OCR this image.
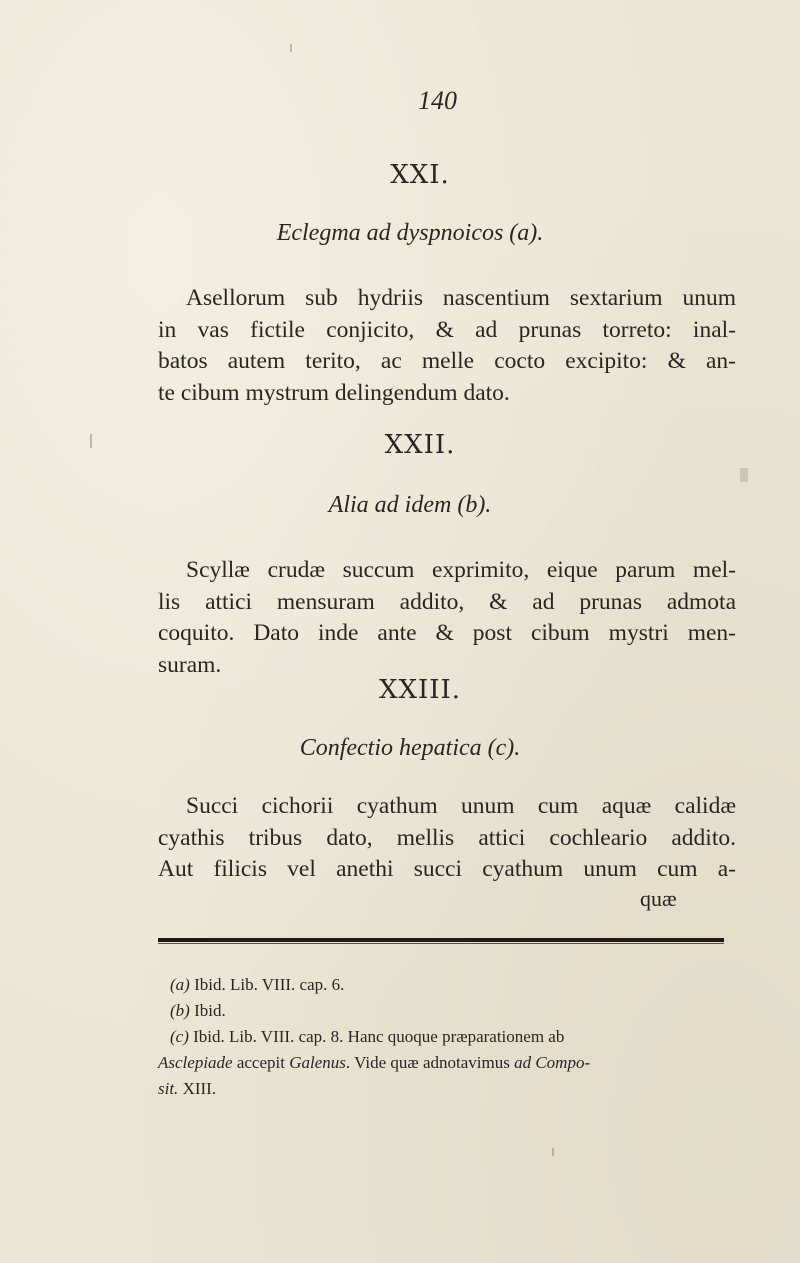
140
XXI.
Eclegma ad dyspnoicos (a).
Asellorum sub hydriis nascentium sextarium unum
in vas fictile conjicito, & ad prunas torreto: inal-
batos autem terito, ac melle cocto excipito: & an-
te cibum mystrum delingendum dato.
XXII.
Alia ad idem (b).
Scyllæ crudæ succum exprimito, eique parum mel-
lis attici mensuram addito, & ad prunas admota
coquito. Dato inde ante & post cibum mystri men-
suram.
XXIII.
Confectio hepatica (c).
Succi cichorii cyathum unum cum aquæ calidæ
cyathis tribus dato, mellis attici cochleario addito.
Aut filicis vel anethi succi cyathum unum cum a-
quæ
(a) Ibid. Lib. VIII. cap. 6.
(b) Ibid.
(c) Ibid. Lib. VIII. cap. 8. Hanc quoque præparationem ab
Asclepiade accepit Galenus. Vide quæ adnotavimus ad Compo-
sit. XIII.
